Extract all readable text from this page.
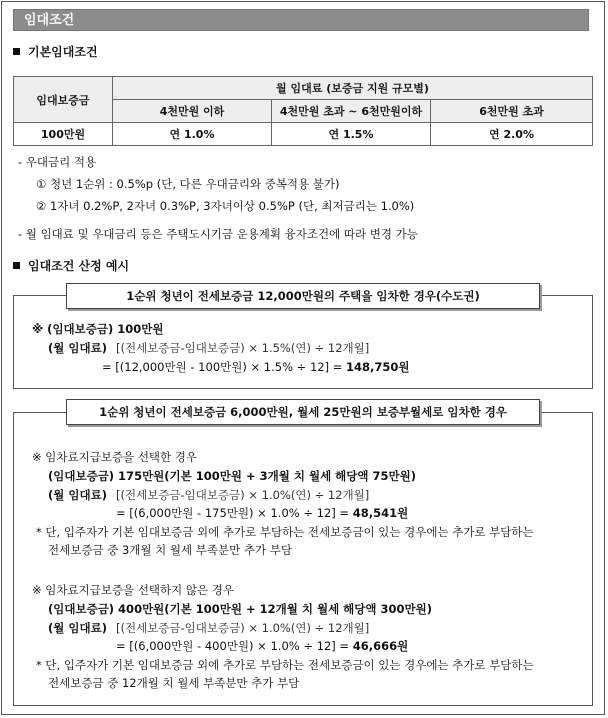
임대조건
기본임대조건
임대보증금	월 임대료 (보증금 지원 규모별)		
	4천만원 이하	4천만원 초과 ~ 6천만원이하	6천만원 초과
100만원	연 1.0%	연 1.5%	연 2.0%
- 우대금리 적용
① 청년 1순위 : 0.5%p (단, 다른 우대금리와 중복적용 불가)
② 1자녀 0.2%P, 2자녀 0.3%P, 3자녀이상 0.5%P (단, 최저금리는 1.0%)
- 월 임대료 및 우대금리 등은 주택도시기금 운용계획 융자조건에 따라 변경 가능
임대조건 산정 예시
1순위 청년이 전세보증금 12,000만원의 주택을 임차한 경우(수도권)
※ (임대보증금) 100만원
(월 임대료) [(전세보증금-임대보증금) × 1.5%(연) ÷ 12개월]
= [(12,000만원 - 100만원) × 1.5% ÷ 12] = 148,750원
1순위 청년이 전세보증금 6,000만원, 월세 25만원의 보증부월세로 임차한 경우
※ 임차료지급보증을 선택한 경우
(임대보증금) 175만원(기본 100만원 + 3개월 치 월세 해당액 75만원)
(월 임대료) [(전세보증금-임대보증금) × 1.0%(연) ÷ 12개월]
= [(6,000만원 - 175만원) × 1.0% ÷ 12] = 48,541원
* 단, 입주자가 기본 임대보증금 외에 추가로 부담하는 전세보증금이 있는 경우에는 추가로 부담하는
전세보증금 중 3개월 치 월세 부족분만 추가 부담
※ 임차료지급보증을 선택하지 않은 경우
(임대보증금) 400만원(기본 100만원 + 12개월 치 월세 해당액 300만원)
(월 임대료) [(전세보증금-임대보증금) × 1.0%(연) ÷ 12개월]
= [(6,000만원 - 400만원) × 1.0% ÷ 12] = 46,666원
* 단, 입주자가 기본 임대보증금 외에 추가로 부담하는 전세보증금이 있는 경우에는 추가로 부담하는
전세보증금 중 12개월 치 월세 부족분만 추가 부담
